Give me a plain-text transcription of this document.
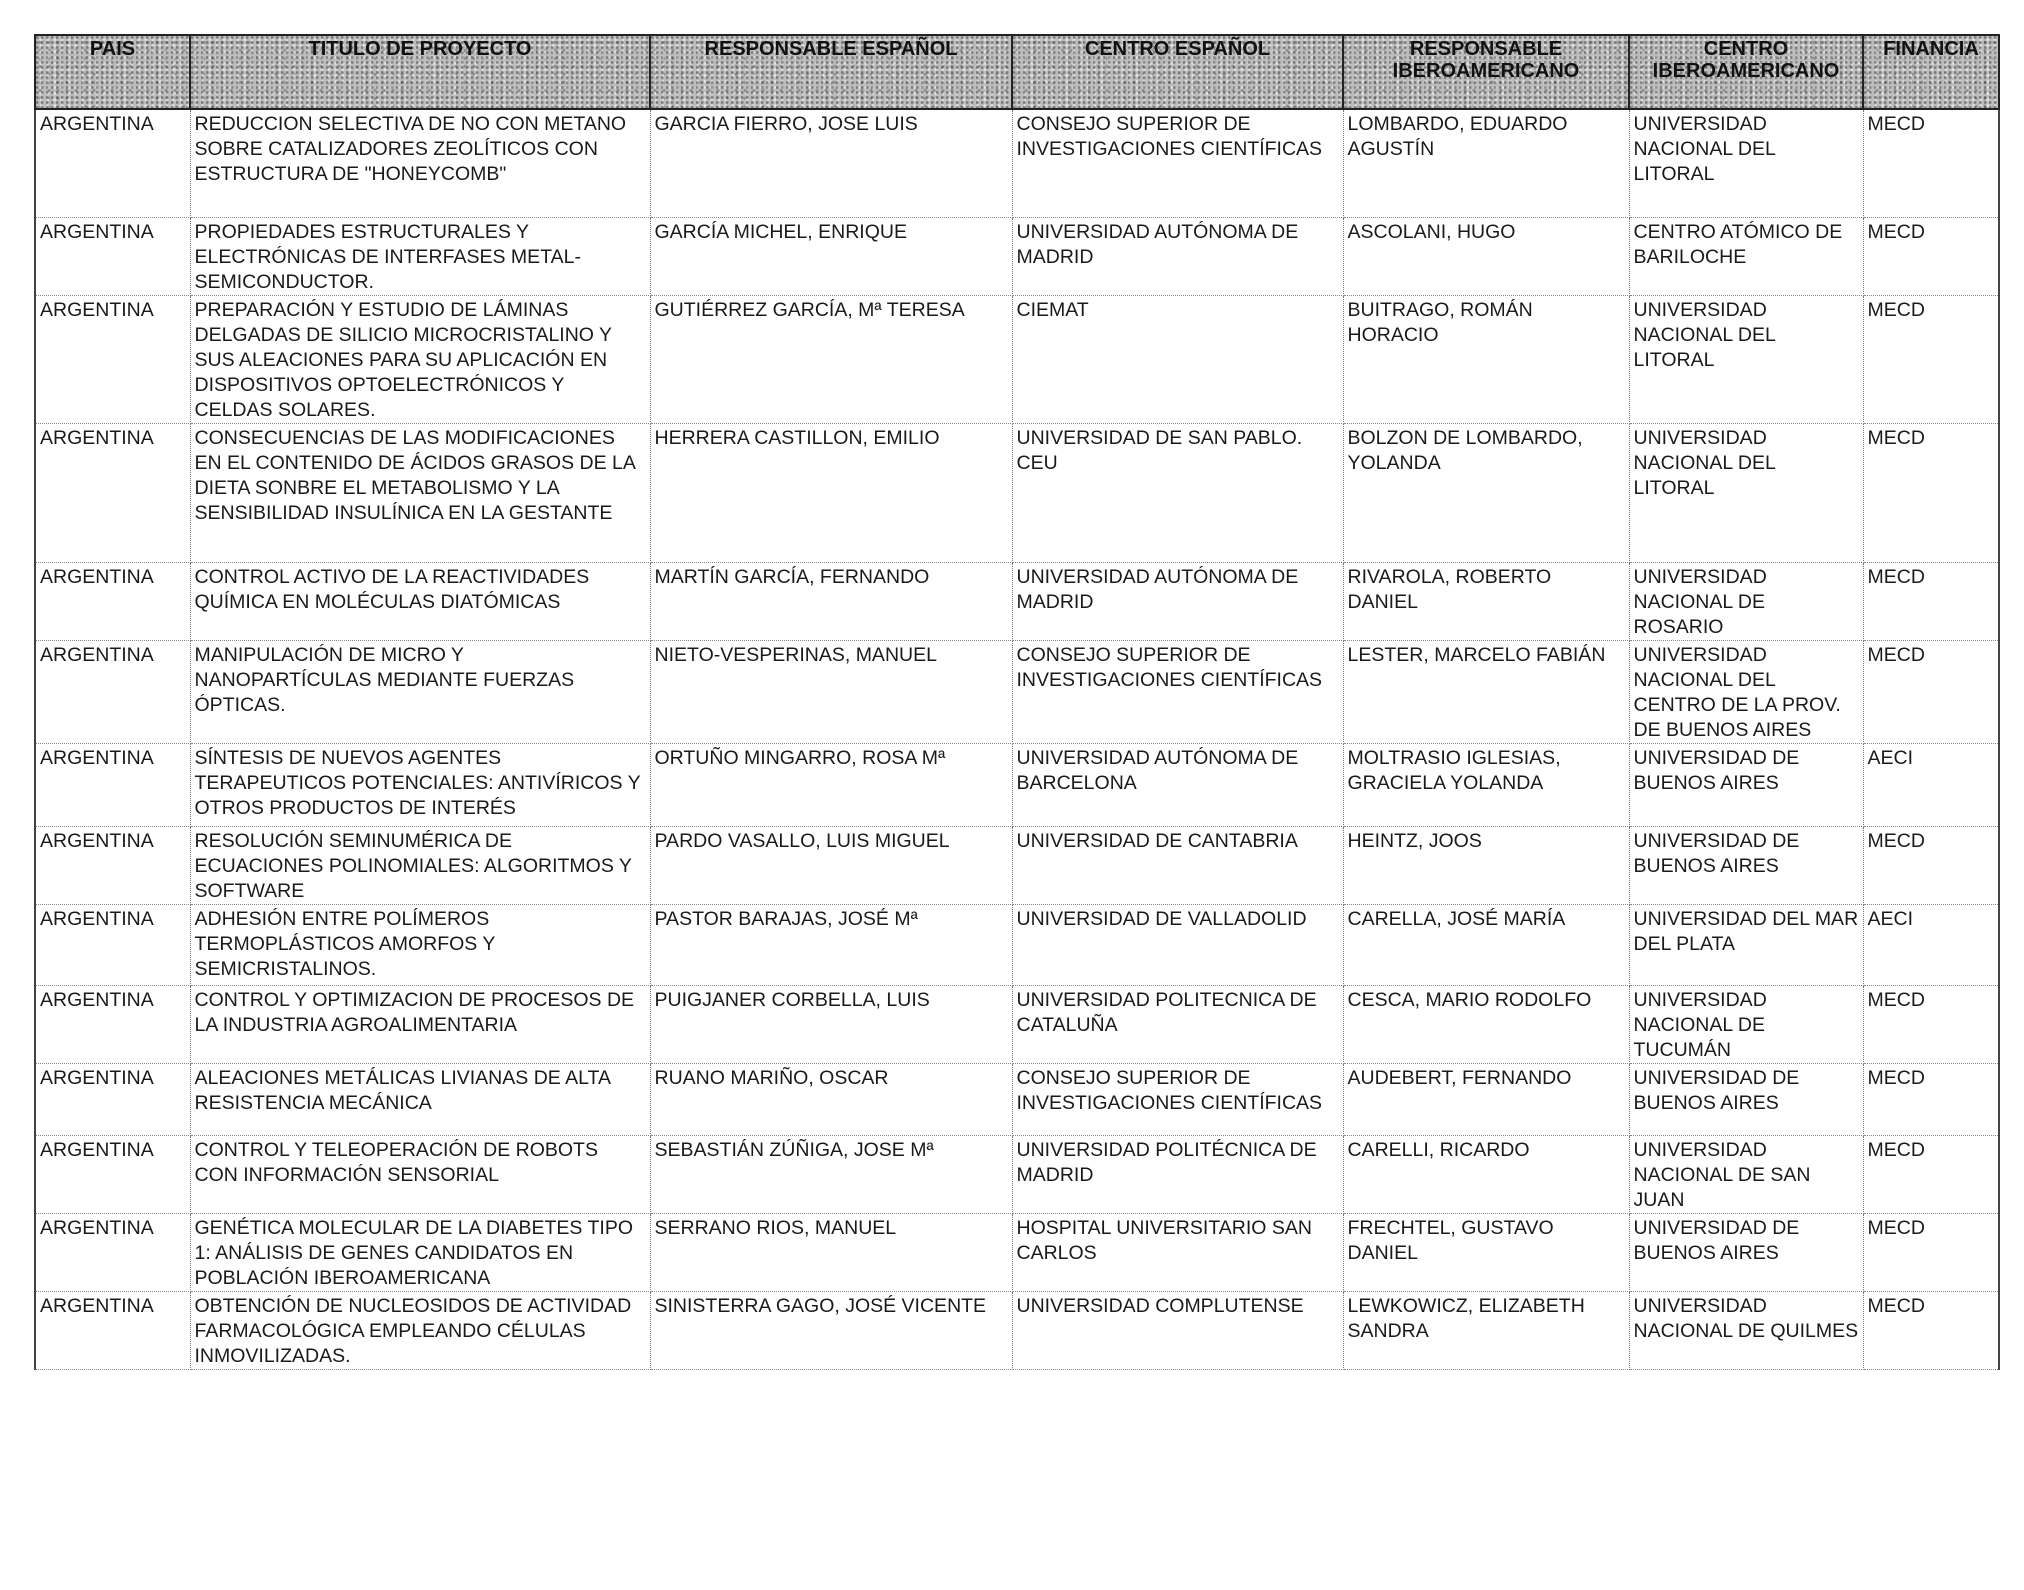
PAIS	TITULO DE PROYECTO	RESPONSABLE ESPAÑOL	CENTRO ESPAÑOL	RESPONSABLE IBEROAMERICANO	CENTRO IBEROAMERICANO	FINANCIA
ARGENTINA	REDUCCION SELECTIVA DE NO CON METANO SOBRE CATALIZADORES ZEOLÍTICOS CON ESTRUCTURA DE "HONEYCOMB"	GARCIA FIERRO, JOSE LUIS	CONSEJO SUPERIOR DE INVESTIGACIONES CIENTÍFICAS	LOMBARDO, EDUARDO AGUSTÍN	UNIVERSIDAD NACIONAL DEL LITORAL	MECD
ARGENTINA	PROPIEDADES ESTRUCTURALES Y ELECTRÓNICAS DE INTERFASES METAL-SEMICONDUCTOR.	GARCÍA MICHEL, ENRIQUE	UNIVERSIDAD AUTÓNOMA DE MADRID	ASCOLANI, HUGO	CENTRO ATÓMICO DE BARILOCHE	MECD
ARGENTINA	PREPARACIÓN Y ESTUDIO DE LÁMINAS DELGADAS DE SILICIO MICROCRISTALINO Y SUS ALEACIONES PARA SU APLICACIÓN EN DISPOSITIVOS OPTOELECTRÓNICOS Y CELDAS SOLARES.	GUTIÉRREZ GARCÍA, Mª TERESA	CIEMAT	BUITRAGO, ROMÁN HORACIO	UNIVERSIDAD NACIONAL DEL LITORAL	MECD
ARGENTINA	CONSECUENCIAS DE LAS MODIFICACIONES EN EL CONTENIDO DE ÁCIDOS GRASOS DE LA DIETA SONBRE EL METABOLISMO Y LA SENSIBILIDAD INSULÍNICA EN LA GESTANTE	HERRERA CASTILLON, EMILIO	UNIVERSIDAD DE SAN PABLO. CEU	BOLZON DE LOMBARDO, YOLANDA	UNIVERSIDAD NACIONAL DEL LITORAL	MECD
ARGENTINA	CONTROL ACTIVO DE LA REACTIVIDADES QUÍMICA EN MOLÉCULAS DIATÓMICAS	MARTÍN GARCÍA, FERNANDO	UNIVERSIDAD AUTÓNOMA DE MADRID	RIVAROLA, ROBERTO DANIEL	UNIVERSIDAD NACIONAL DE ROSARIO	MECD
ARGENTINA	MANIPULACIÓN DE MICRO Y NANOPARTÍCULAS MEDIANTE FUERZAS ÓPTICAS.	NIETO-VESPERINAS, MANUEL	CONSEJO SUPERIOR DE INVESTIGACIONES CIENTÍFICAS	LESTER, MARCELO FABIÁN	UNIVERSIDAD NACIONAL DEL CENTRO DE LA PROV. DE BUENOS AIRES	MECD
ARGENTINA	SÍNTESIS DE NUEVOS AGENTES TERAPEUTICOS POTENCIALES: ANTIVÍRICOS Y OTROS PRODUCTOS DE INTERÉS	ORTUÑO MINGARRO, ROSA Mª	UNIVERSIDAD AUTÓNOMA DE BARCELONA	MOLTRASIO IGLESIAS, GRACIELA YOLANDA	UNIVERSIDAD DE BUENOS AIRES	AECI
ARGENTINA	RESOLUCIÓN SEMINUMÉRICA DE ECUACIONES POLINOMIALES: ALGORITMOS Y SOFTWARE	PARDO VASALLO, LUIS MIGUEL	UNIVERSIDAD DE CANTABRIA	HEINTZ, JOOS	UNIVERSIDAD DE BUENOS AIRES	MECD
ARGENTINA	ADHESIÓN ENTRE POLÍMEROS TERMOPLÁSTICOS AMORFOS Y SEMICRISTALINOS.	PASTOR BARAJAS, JOSÉ Mª	UNIVERSIDAD DE VALLADOLID	CARELLA, JOSÉ MARÍA	UNIVERSIDAD DEL MAR DEL PLATA	AECI
ARGENTINA	CONTROL Y OPTIMIZACION DE PROCESOS DE LA INDUSTRIA AGROALIMENTARIA	PUIGJANER CORBELLA, LUIS	UNIVERSIDAD POLITECNICA DE CATALUÑA	CESCA, MARIO RODOLFO	UNIVERSIDAD NACIONAL DE TUCUMÁN	MECD
ARGENTINA	ALEACIONES METÁLICAS LIVIANAS DE ALTA RESISTENCIA MECÁNICA	RUANO MARIÑO, OSCAR	CONSEJO SUPERIOR DE INVESTIGACIONES CIENTÍFICAS	AUDEBERT, FERNANDO	UNIVERSIDAD DE BUENOS AIRES	MECD
ARGENTINA	CONTROL Y TELEOPERACIÓN DE ROBOTS CON INFORMACIÓN SENSORIAL	SEBASTIÁN ZÚÑIGA, JOSE Mª	UNIVERSIDAD POLITÉCNICA DE MADRID	CARELLI, RICARDO	UNIVERSIDAD NACIONAL DE SAN JUAN	MECD
ARGENTINA	GENÉTICA MOLECULAR DE LA DIABETES TIPO 1: ANÁLISIS DE GENES CANDIDATOS EN POBLACIÓN IBEROAMERICANA	SERRANO RIOS, MANUEL	HOSPITAL UNIVERSITARIO SAN CARLOS	FRECHTEL, GUSTAVO DANIEL	UNIVERSIDAD DE BUENOS AIRES	MECD
ARGENTINA	OBTENCIÓN DE NUCLEOSIDOS DE ACTIVIDAD FARMACOLÓGICA EMPLEANDO CÉLULAS INMOVILIZADAS.	SINISTERRA GAGO, JOSÉ VICENTE	UNIVERSIDAD COMPLUTENSE	LEWKOWICZ, ELIZABETH SANDRA	UNIVERSIDAD NACIONAL DE QUILMES	MECD
